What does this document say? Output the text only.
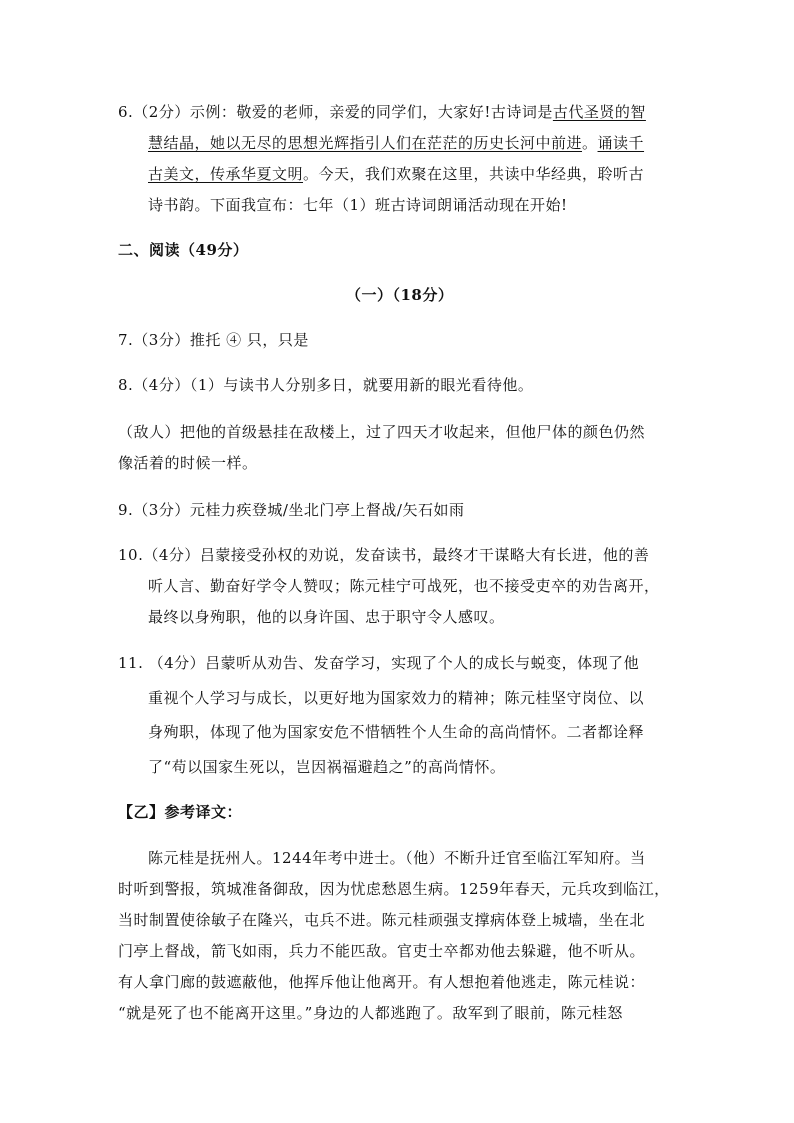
6.（2分）示例：敬爱的老师，亲爱的同学们，大家好!古诗词是古代圣贤的智
慧结晶，她以无尽的思想光辉指引人们在茫茫的历史长河中前进。诵读千
古美文，传承华夏文明。今天，我们欢聚在这里，共读中华经典，聆听古
诗书韵。下面我宣布：七年（1）班古诗词朗诵活动现在开始!
二、阅读（49分）
（一）（18分）
7.（3分）推托 ④ 只，只是
8.（4分）（1）与读书人分别多日，就要用新的眼光看待他。
（敌人）把他的首级悬挂在敌楼上，过了四天才收起来，但他尸体的颜色仍然
像活着的时候一样。
9.（3分）元桂力疾登城/坐北门亭上督战/矢石如雨
10.（4分）吕蒙接受孙权的劝说，发奋读书，最终才干谋略大有长进，他的善
听人言、勤奋好学令人赞叹；陈元桂宁可战死，也不接受吏卒的劝告离开，
最终以身殉职，他的以身许国、忠于职守令人感叹。
11. （4分）吕蒙听从劝告、发奋学习，实现了个人的成长与蜕变，体现了他
重视个人学习与成长，以更好地为国家效力的精神；陈元桂坚守岗位、以
身殉职，体现了他为国家安危不惜牺牲个人生命的高尚情怀。二者都诠释
了“苟以国家生死以，岂因祸福避趋之”的高尚情怀。
【乙】参考译文：
陈元桂是抚州人。1244年考中进士。（他）不断升迁官至临江军知府。当
时听到警报，筑城准备御敌，因为忧虑愁恩生病。1259年春天，元兵攻到临江，
当时制置使徐敏子在隆兴，屯兵不进。陈元桂顽强支撑病体登上城墙，坐在北
门亭上督战，箭飞如雨，兵力不能匹敌。官吏士卒都劝他去躲避，他不听从。
有人拿门廊的鼓遮蔽他，他挥斥他让他离开。有人想抱着他逃走，陈元桂说：
“就是死了也不能离开这里。”身边的人都逃跑了。敌军到了眼前，陈元桂怒
